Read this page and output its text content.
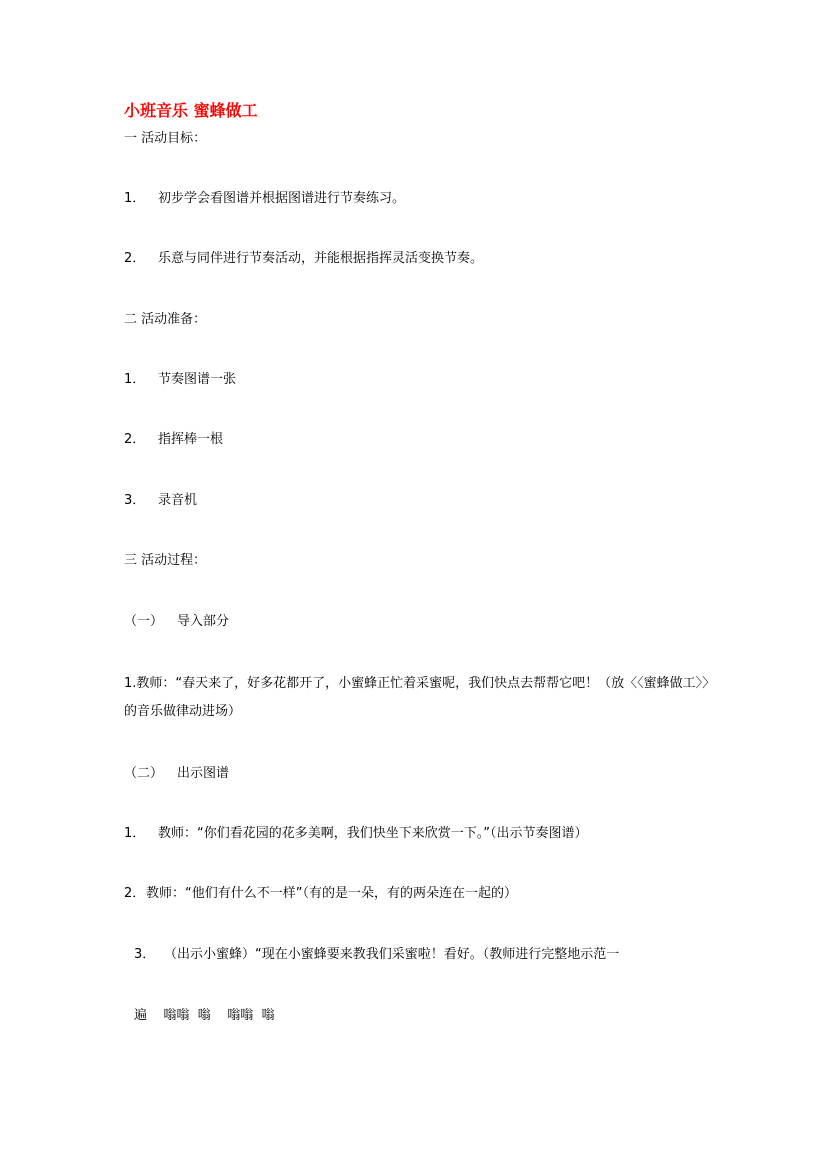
小班音乐 蜜蜂做工
一 活动目标：
1． 初步学会看图谱并根据图谱进行节奏练习。
2． 乐意与同伴进行节奏活动，并能根据指挥灵活变换节奏。
二 活动准备：
1． 节奏图谱一张
2． 指挥棒一根
3． 录音机
三 活动过程：
（一） 导入部分
1.教师：“春天来了，好多花都开了，小蜜蜂正忙着采蜜呢，我们快点去帮帮它吧！（放〈〈蜜蜂做工〉〉的音乐做律动进场）
（二） 出示图谱
1． 教师：“你们看花园的花多美啊，我们快坐下来欣赏一下。”（出示节奏图谱）
2．教师：“他们有什么不一样”（有的是一朵，有的两朵连在一起的）
3． （出示小蜜蜂）“现在小蜜蜂要来教我们采蜜啦！看好。（教师进行完整地示范一
遍    嗡嗡  嗡    嗡嗡  嗡
